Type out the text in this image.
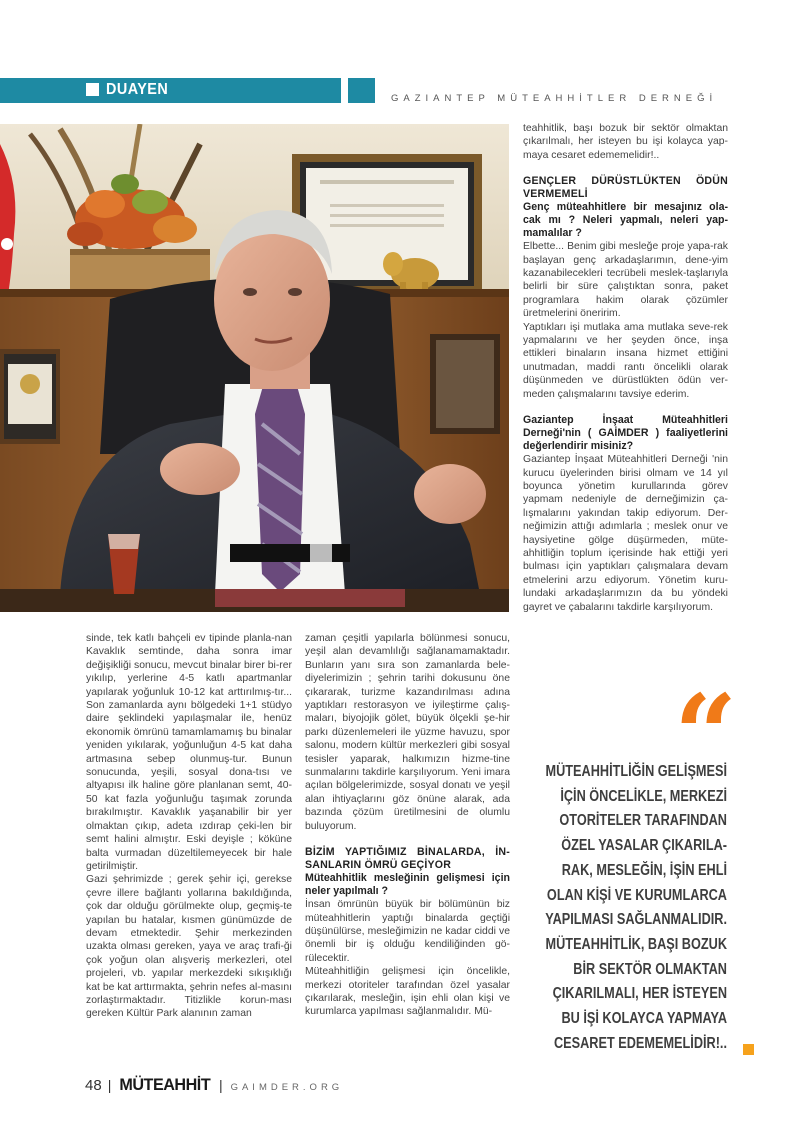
DUAYEN
GAZIANTEP MÜTEAHHİTLER DERNEĞİ

sinde, tek katlı bahçeli ev tipinde planla-nan Kavaklık semtinde, daha sonra imar değişikliği sonucu, mevcut binalar birer bi-rer yıkılıp, yerlerine 4-5 katlı apartmanlar yapılarak yoğunluk 10-12 kat arttırılmış-tır... Son zamanlarda aynı bölgedeki 1+1 stüdyo daire şeklindeki yapılaşmalar ile, henüz ekonomik ömrünü tamamlamamış bu binalar yeniden yıkılarak, yoğunluğun 4-5 kat daha artmasına sebep olunmuş-tur. Bunun sonucunda, yeşili, sosyal dona-tısı ve altyapısı ilk haline göre planlanan semt, 40-50 kat fazla yoğunluğu taşımak zorunda bırakılmıştır. Kavaklık yaşanabilir bir yer olmaktan çıkıp, adeta ızdırap çeki-len bir semt halini almıştır. Eski deyişle ; köküne balta vurmadan düzeltilemeyecek bir hale getirilmiştir.

Gazi şehrimizde ; gerek şehir içi, gerekse çevre illere bağlantı yollarına bakıldığında, çok dar olduğu görülmekte olup, geçmiş-te yapılan bu hatalar, kısmen günümüzde de devam etmektedir. Şehir merkezinden uzakta olması gereken, yaya ve araç trafi-ği çok yoğun olan alışveriş merkezleri, otel projeleri, vb. yapılar merkezdeki sıkışıklığı kat be kat arttırmakta, şehrin nefes al-masını zorlaştırmaktadır. Titizlikle korun-ması gereken Kültür Park alanının zaman

zaman çeşitli yapılarla bölünmesi sonucu, yeşil alan devamlılığı sağlanamamaktadır. Bunların yanı sıra son zamanlarda bele-diyelerimizin ; şehrin tarihi dokusunu öne çıkararak, turizme kazandırılması adına yaptıkları restorasyon ve iyileştirme çalış-maları, biyojojik gölet, büyük ölçekli şe-hir parkı düzenlemeleri ile yüzme havuzu, spor salonu, modern kültür merkezleri gibi sosyal tesisler yaparak, halkımızın hizme-tine sunmalarını takdirle karşılıyorum. Yeni imara açılan bölgelerimizde, sosyal donatı ve yeşil alan ihtiyaçlarını göz önüne alarak, ada bazında çözüm üretilmesini de olumlu buluyorum.

BİZİM YAPTIĞIMIZ BİNALARDA, İN-SANLARIN ÖMRÜ GEÇİYOR
Müteahhitlik mesleğinin gelişmesi için neler yapılmalı ?

İnsan ömrünün büyük bir bölümünün biz müteahhitlerin yaptığı binalarda geçtiği düşünülürse, mesleğimizin ne kadar ciddi ve önemli bir iş olduğu kendiliğinden gö-rülecektir.

Müteahhitliğin gelişmesi için öncelikle, merkezi otoriteler tarafından özel yasalar çıkarılarak, mesleğin, işin ehli olan kişi ve kurumlarca yapılması sağlanmalıdır. Mü-

teahhitlik, başı bozuk bir sektör olmaktan çıkarılmalı, her isteyen bu işi kolayca yap-maya cesaret edememelidir!..

GENÇLER DÜRÜSTLÜKTEN ÖDÜN VERMEMELİ
Genç müteahhitlere bir mesajınız ola-cak mı ? Neleri yapmalı, neleri yap-mamalılar ?

Elbette... Benim gibi mesleğe proje yapa-rak başlayan genç arkadaşlarımın, dene-yim kazanabilecekleri tecrübeli meslek-taşlarıyla belirli bir süre çalıştıktan sonra, paket programlara hakim olarak çözümler üretmelerini öneririm.

Yaptıkları işi mutlaka ama mutlaka seve-rek yapmalarını ve her şeyden önce, inşa ettikleri binaların insana hizmet ettiğini unutmadan, maddi rantı öncelikli olarak düşünmeden ve dürüstlükten ödün ver-meden çalışmalarını tavsiye ederim.

Gaziantep İnşaat Müteahhitleri Derneği'nin ( GAİMDER ) faaliyetlerini değerlendirir misiniz?

Gaziantep İnşaat Müteahhitleri Derneği 'nin kurucu üyelerinden birisi olmam ve 14 yıl boyunca yönetim kurullarında görev yapmam nedeniyle de derneğimizin ça-lışmalarını yakından takip ediyorum. Der-neğimizin attığı adımlarla ; meslek onur ve haysiyetine gölge düşürmeden, müte-ahhitliğin toplum içerisinde hak ettiği yeri bulması için yaptıkları çalışmalara devam etmelerini arzu ediyorum. Yönetim kuru-lundaki arkadaşlarımızın da bu yöndeki gayret ve çabalarını takdirle karşılıyorum.

“
MÜTEAHHİTLİĞİN GELİŞMESİ
İÇİN ÖNCELİKLE, MERKEZİ
OTORİTELER TARAFINDAN
ÖZEL YASALAR ÇIKARILA-
RAK, MESLEĞİN, İŞİN EHLİ
OLAN KİŞİ VE KURUMLARCA
YAPILMASI SAĞLANMALIDIR.
MÜTEAHHİTLİK, BAŞI BOZUK
BİR SEKTÖR OLMAKTAN
ÇIKARILMALI, HER İSTEYEN
BU İŞİ KOLAYCA YAPMAYA
CESARET EDEMEMELİDİR!..
48 | MÜTEAHHİT | GAIMDER.ORG
